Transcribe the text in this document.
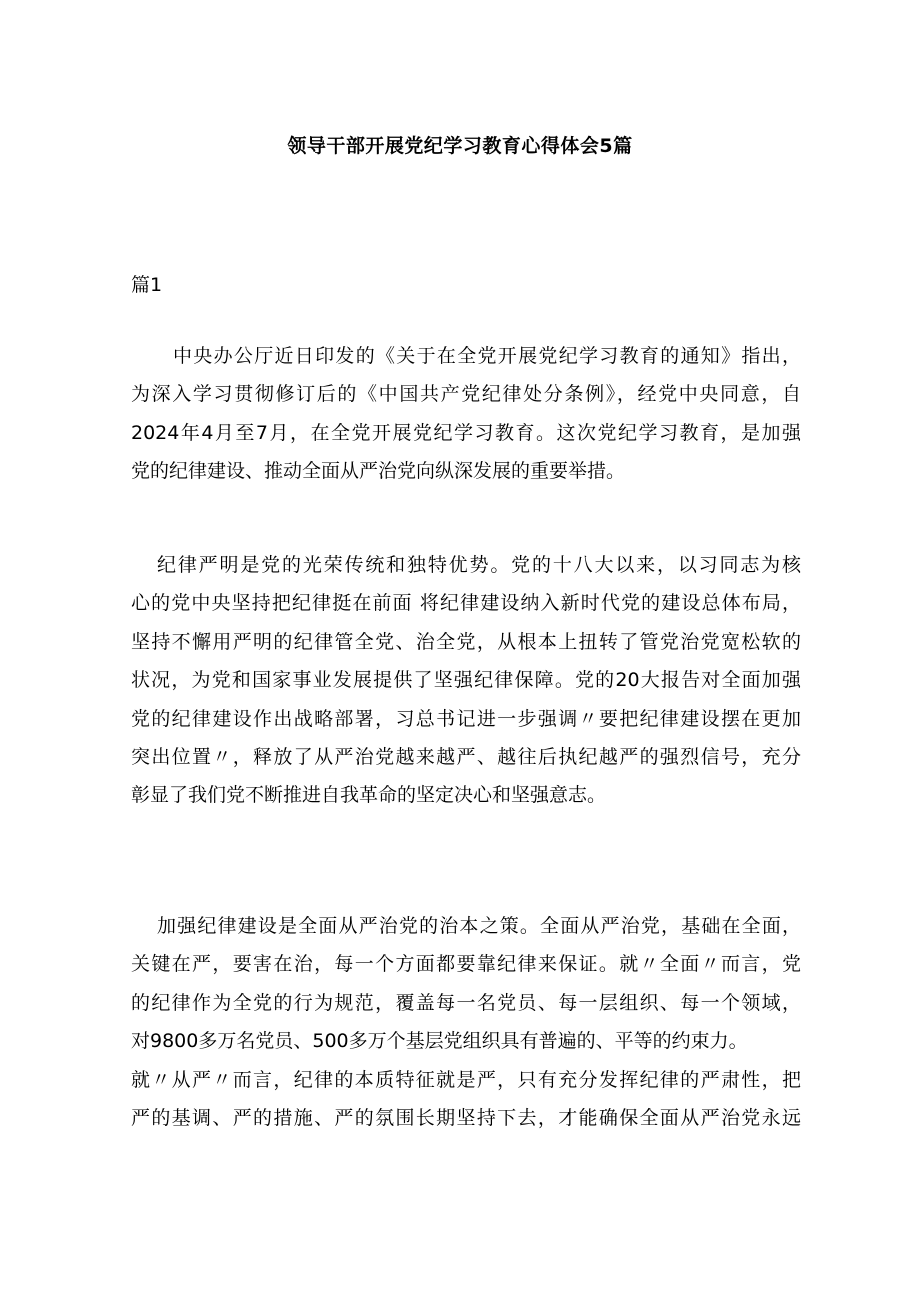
领导干部开展党纪学习教育心得体会5篇
篇1
中央办公厅近日印发的《关于在全党开展党纪学习教育的通知》指出，
为深入学习贯彻修订后的《中国共产党纪律处分条例》，经党中央同意，自
2024年4月至7月，在全党开展党纪学习教育。这次党纪学习教育，是加强
党的纪律建设、推动全面从严治党向纵深发展的重要举措。
纪律严明是党的光荣传统和独特优势。党的十八大以来，以习同志为核
心的党中央坚持把纪律挺在前面 将纪律建设纳入新时代党的建设总体布局，
坚持不懈用严明的纪律管全党、治全党，从根本上扭转了管党治党宽松软的
状况，为党和国家事业发展提供了坚强纪律保障。党的20大报告对全面加强
党的纪律建设作出战略部署，习总书记进一步强调〃要把纪律建设摆在更加
突出位置〃，释放了从严治党越来越严、越往后执纪越严的强烈信号，充分
彰显了我们党不断推进自我革命的坚定决心和坚强意志。
加强纪律建设是全面从严治党的治本之策。全面从严治党，基础在全面，
关键在严，要害在治，每一个方面都要靠纪律来保证。就〃全面〃而言，党
的纪律作为全党的行为规范，覆盖每一名党员、每一层组织、每一个领域，
对9800多万名党员、500多万个基层党组织具有普遍的、平等的约束力。
就〃从严〃而言，纪律的本质特征就是严，只有充分发挥纪律的严肃性，把
严的基调、严的措施、严的氛围长期坚持下去，才能确保全面从严治党永远
